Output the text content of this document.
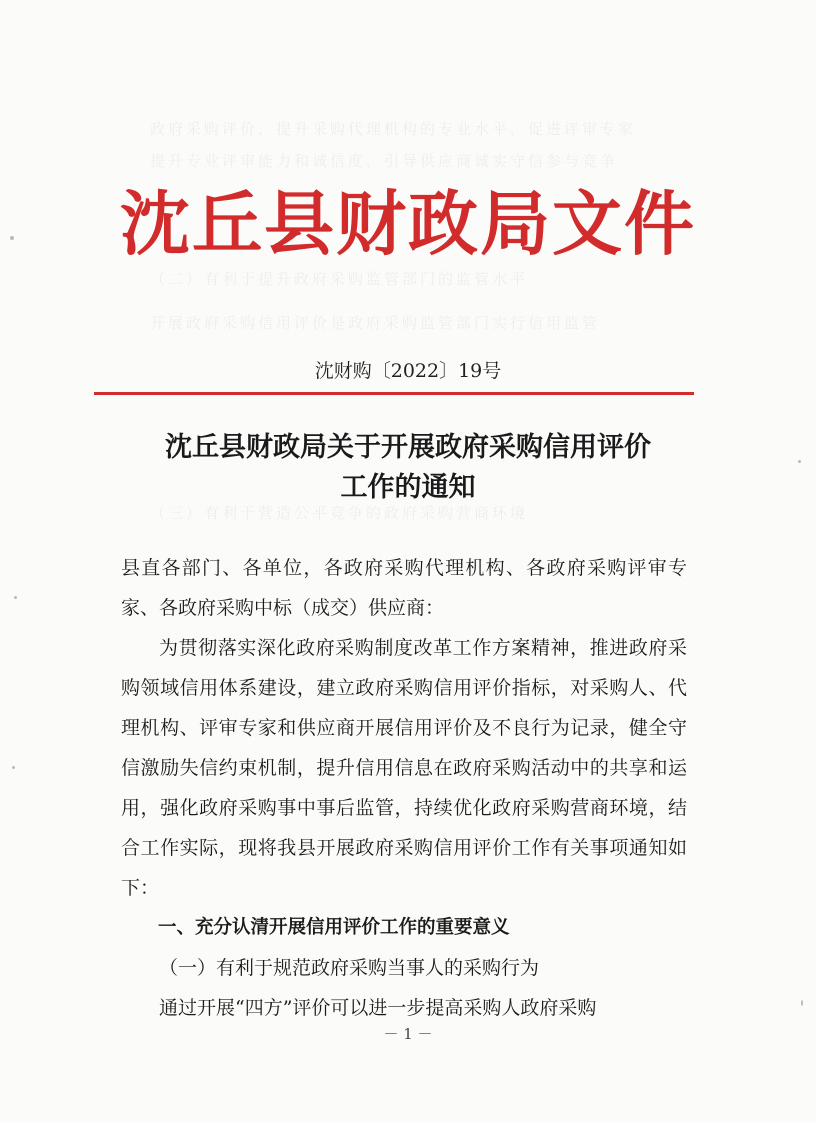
政府采购评价，提升采购代理机构的专业水平，促进评审专家
提升专业评审能力和诚信度，引导供应商诚实守信参与竞争
（二）有利于提升政府采购监管部门的监管水平
开展政府采购信用评价是政府采购监管部门实行信用监管
（三）有利于营造公平竞争的政府采购营商环境
沈丘县财政局文件
沈财购〔2022〕19号
沈丘县财政局关于开展政府采购信用评价
工作的通知

县直各部门、各单位，各政府采购代理机构、各政府采购评审专家、各政府采购中标（成交）供应商：

为贯彻落实深化政府采购制度改革工作方案精神，推进政府采购领域信用体系建设，建立政府采购信用评价指标，对采购人、代理机构、评审专家和供应商开展信用评价及不良行为记录，健全守信激励失信约束机制，提升信用信息在政府采购活动中的共享和运用，强化政府采购事中事后监管，持续优化政府采购营商环境，结合工作实际，现将我县开展政府采购信用评价工作有关事项通知如下：

一、充分认清开展信用评价工作的重要意义

（一）有利于规范政府采购当事人的采购行为

通过开展“四方”评价可以进一步提高采购人政府采购

－ 1 －
